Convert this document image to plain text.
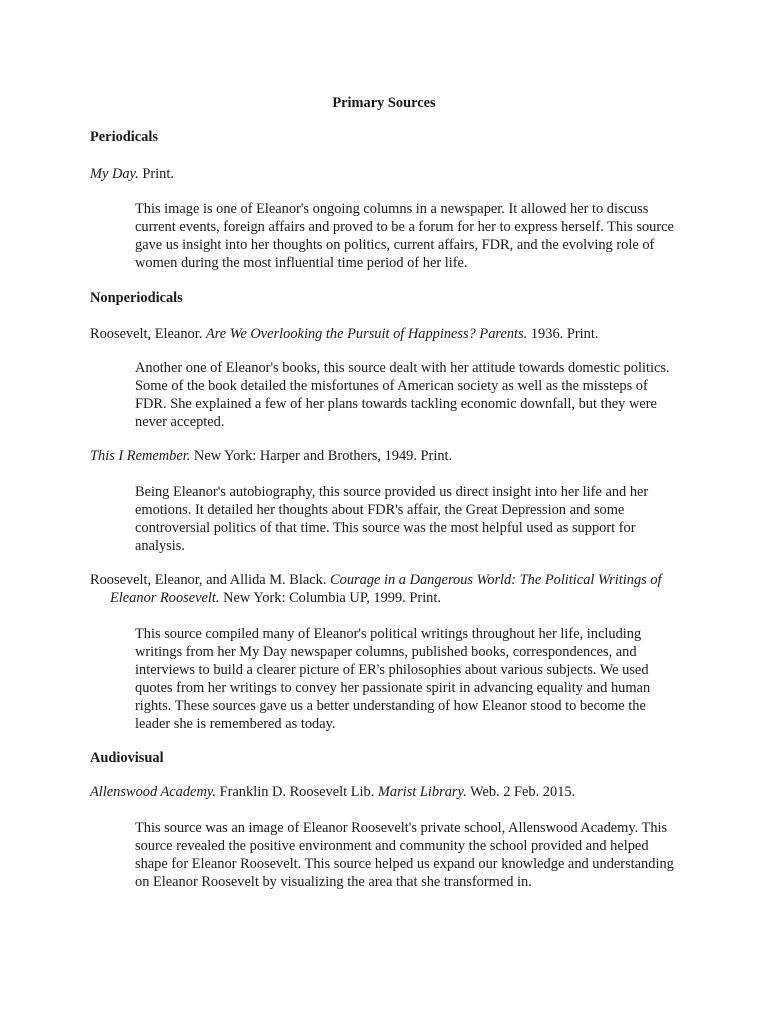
Primary Sources
Periodicals
My Day. Print.
This image is one of Eleanor's ongoing columns in a newspaper. It allowed her to discuss current events, foreign affairs and proved to be a forum for her to express herself. This source gave us insight into her thoughts on politics, current affairs, FDR, and the evolving role of women during the most influential time period of her life.
Nonperiodicals
Roosevelt, Eleanor. Are We Overlooking the Pursuit of Happiness? Parents. 1936. Print.
Another one of Eleanor's books, this source dealt with her attitude towards domestic politics. Some of the book detailed the misfortunes of American society as well as the missteps of FDR. She explained a few of her plans towards tackling economic downfall, but they were never accepted.
This I Remember. New York: Harper and Brothers, 1949. Print.
Being Eleanor's autobiography, this source provided us direct insight into her life and her emotions. It detailed her thoughts about FDR's affair, the Great Depression and some controversial politics of that time. This source was the most helpful used as support for analysis.
Roosevelt, Eleanor, and Allida M. Black. Courage in a Dangerous World: The Political Writings of Eleanor Roosevelt. New York: Columbia UP, 1999. Print.
This source compiled many of Eleanor's political writings throughout her life, including writings from her My Day newspaper columns, published books, correspondences, and interviews to build a clearer picture of ER's philosophies about various subjects. We used quotes from her writings to convey her passionate spirit in advancing equality and human rights. These sources gave us a better understanding of how Eleanor stood to become the leader she is remembered as today.
Audiovisual
Allenswood Academy. Franklin D. Roosevelt Lib. Marist Library. Web. 2 Feb. 2015.
This source was an image of Eleanor Roosevelt's private school, Allenswood Academy. This source revealed the positive environment and community the school provided and helped shape for Eleanor Roosevelt. This source helped us expand our knowledge and understanding on Eleanor Roosevelt by visualizing the area that she transformed in.
